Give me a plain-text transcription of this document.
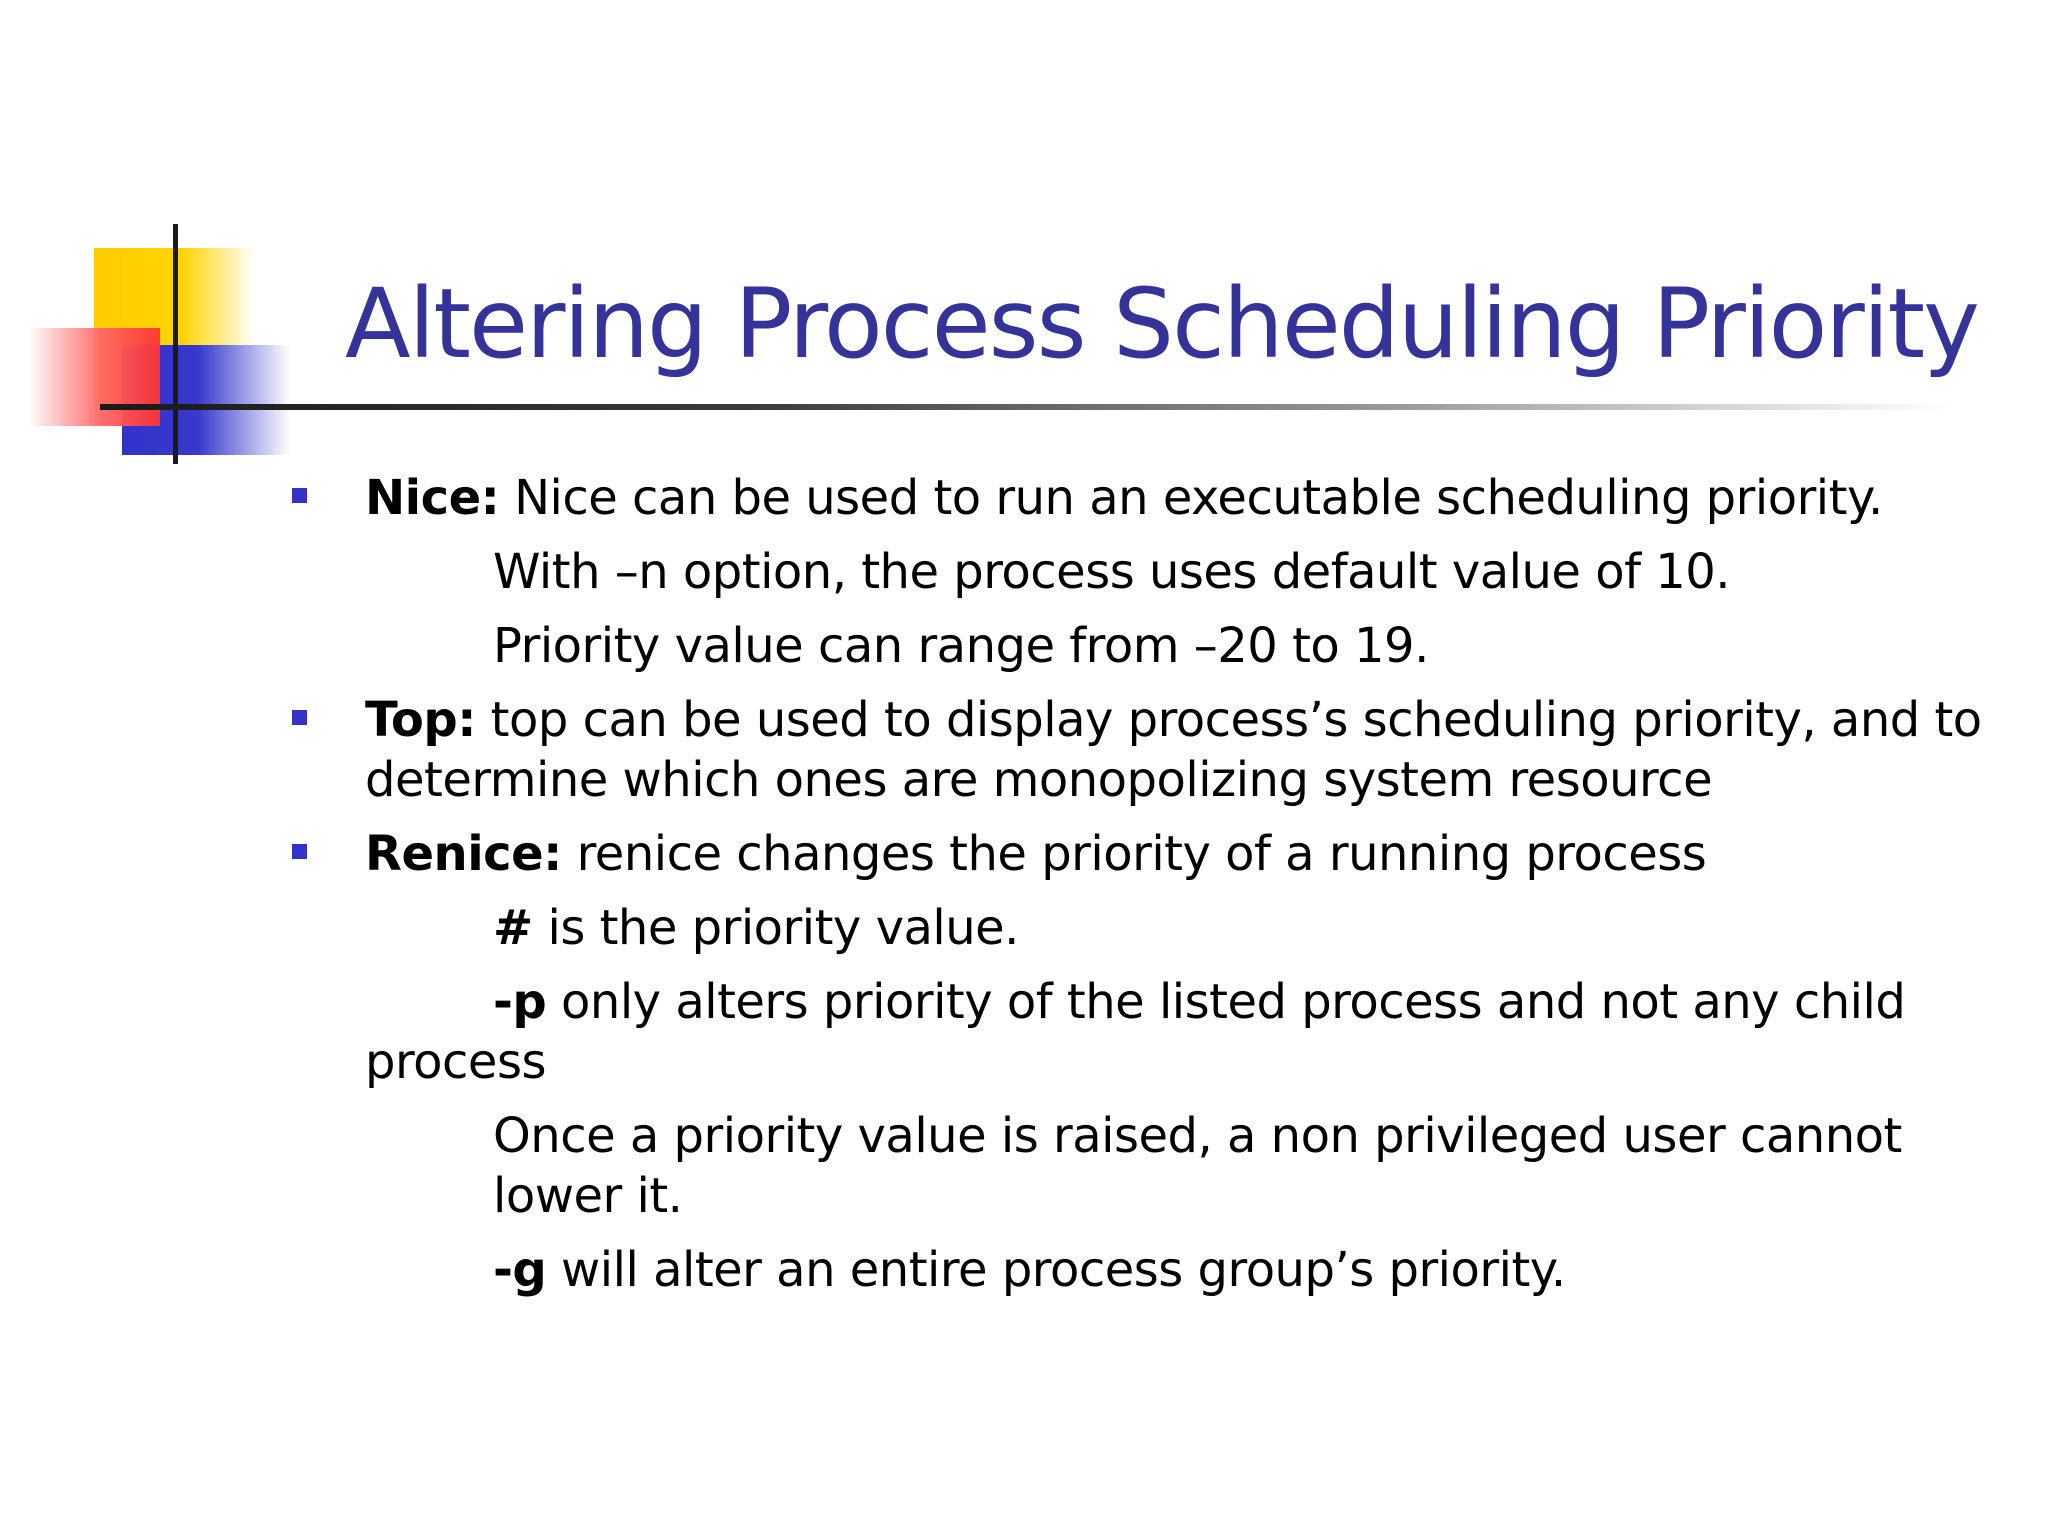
Altering Process Scheduling Priority
Nice: Nice can be used to run an executable scheduling priority.
With –n option, the process uses default value of 10.
Priority value can range from –20 to 19.
Top: top can be used to display process’s scheduling priority, and to determine which ones are monopolizing system resource
Renice: renice changes the priority of a running process
# is the priority value.
-p only alters priority of the listed process and not any child process
Once a priority value is raised, a non privileged user cannot lower it.
-g will alter an entire process group’s priority.
